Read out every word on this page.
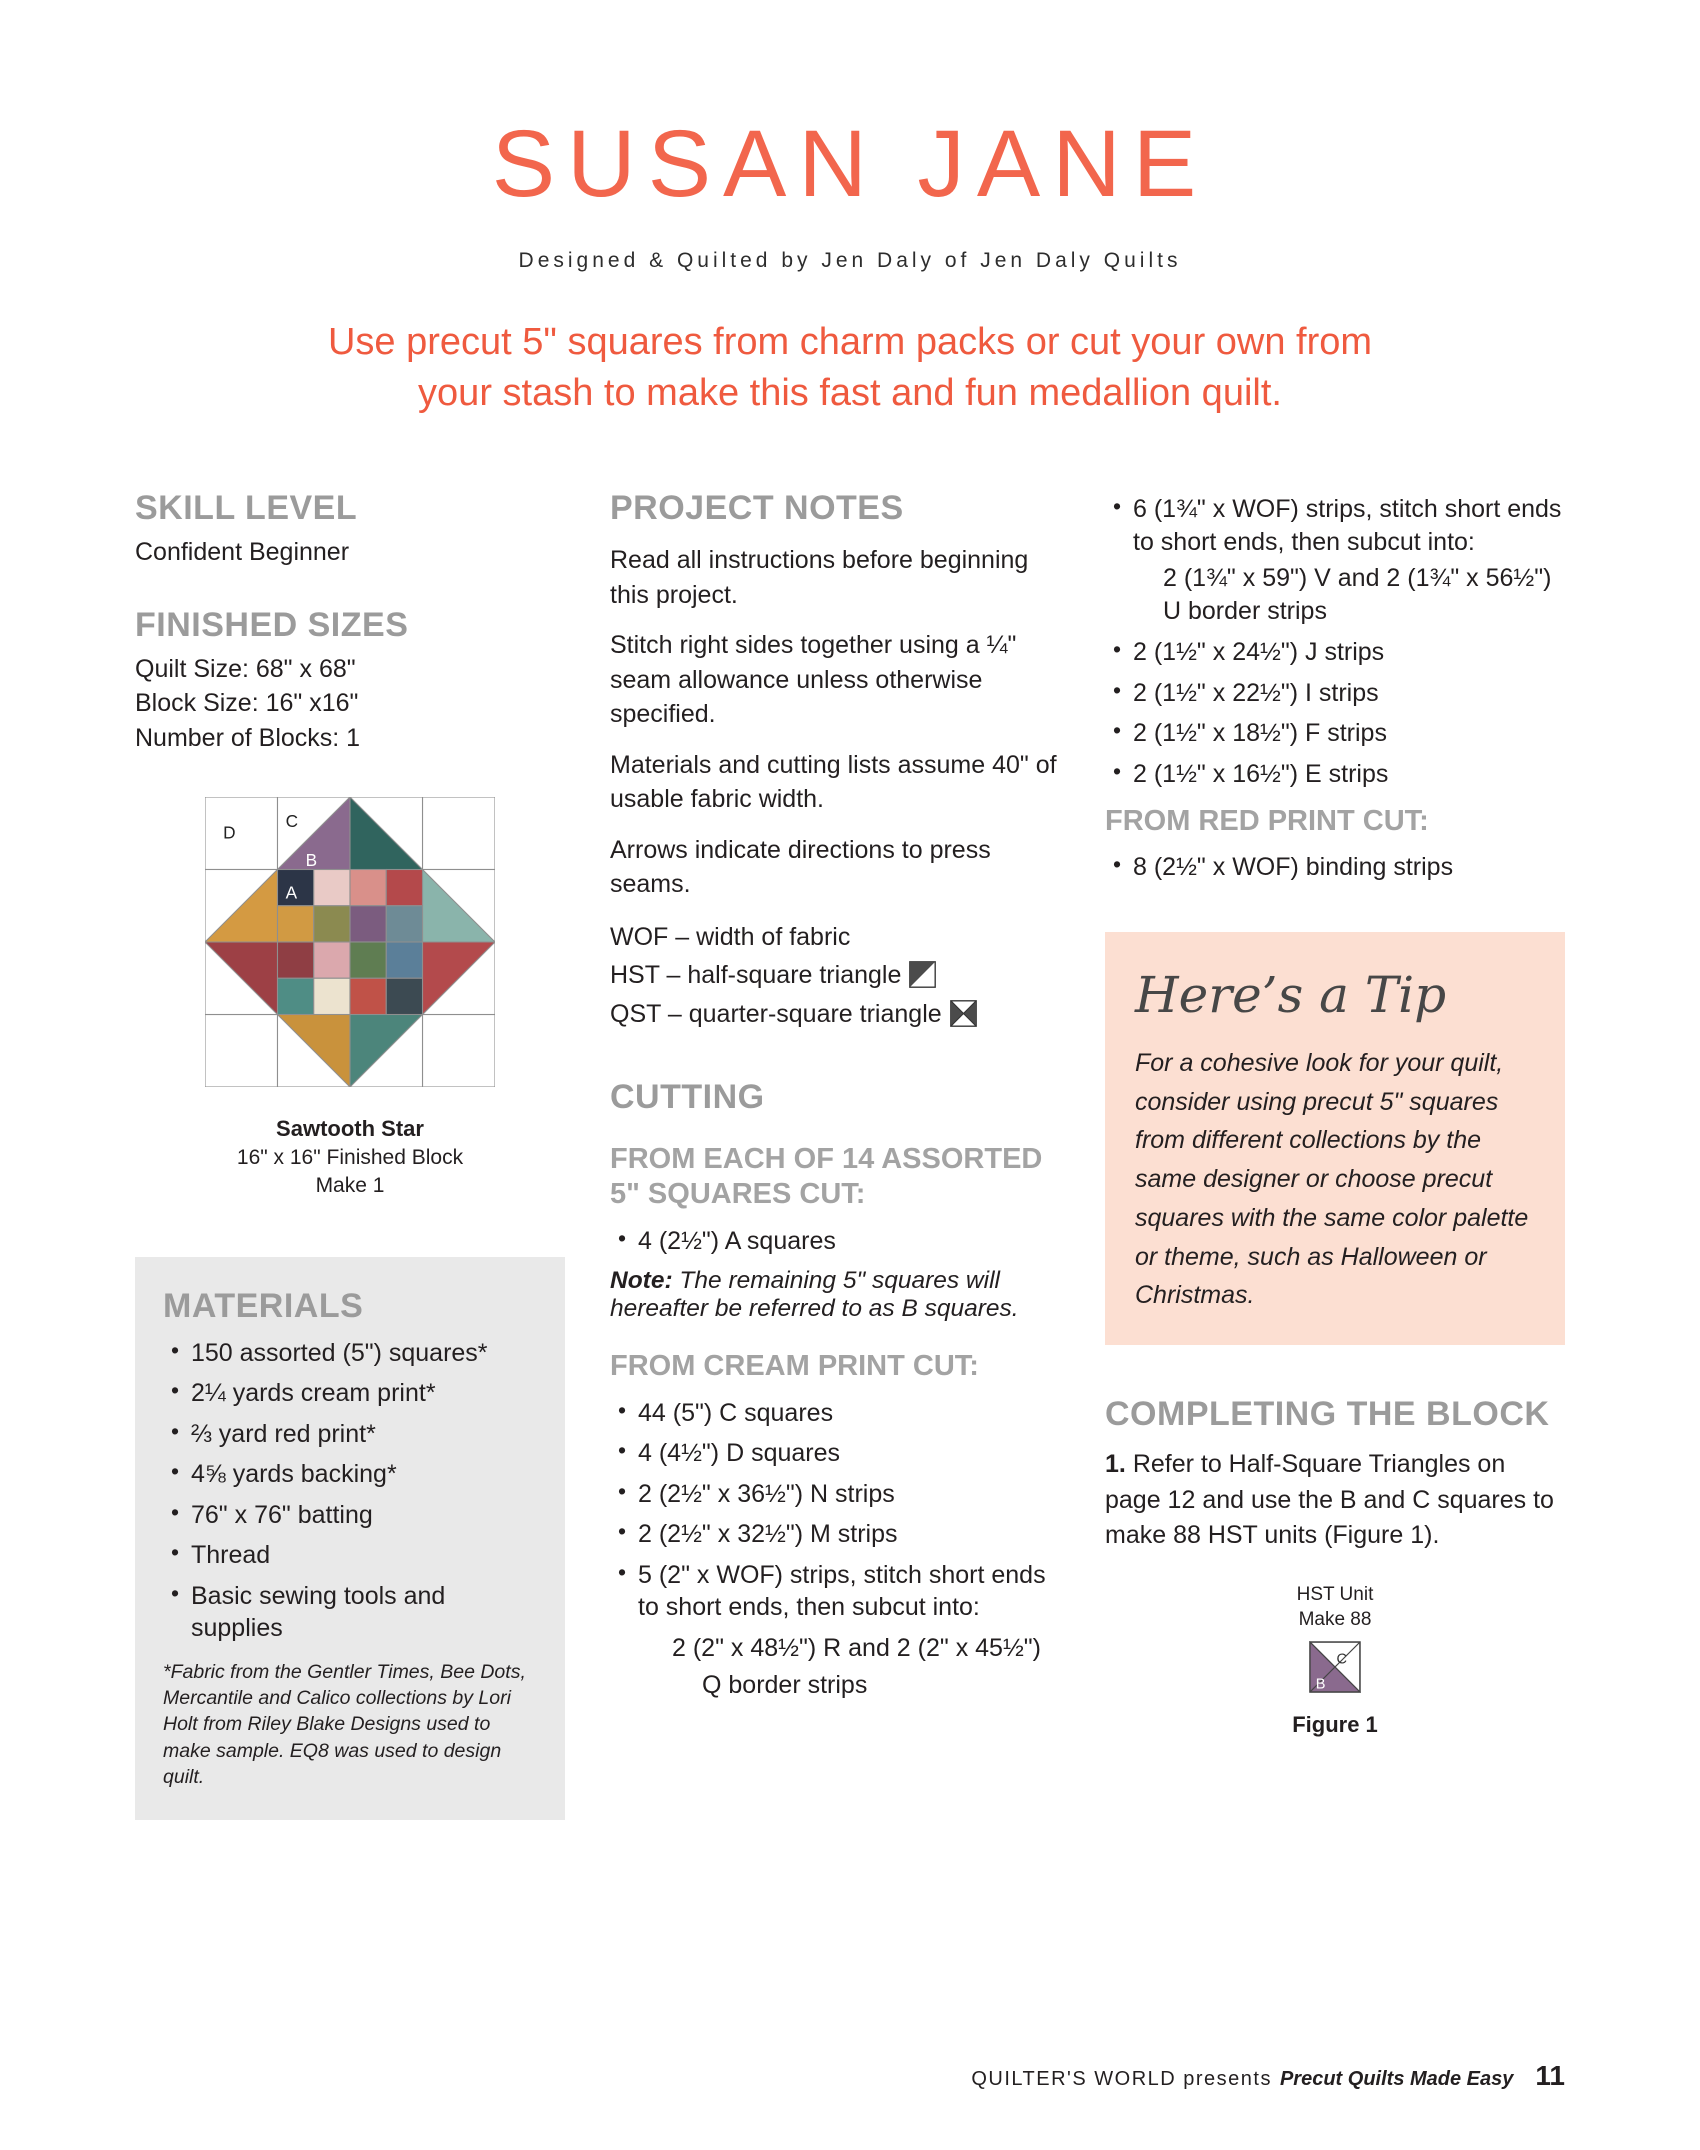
SUSAN JANE
Designed & Quilted by Jen Daly of Jen Daly Quilts
Use precut 5" squares from charm packs or cut your own from
your stash to make this fast and fun medallion quilt.
SKILL LEVEL

Confident Beginner

FINISHED SIZES
Quilt Size: 68" x 68"
Block Size: 16" x16"
Number of Blocks: 1
Sawtooth Star
16" x 16" Finished Block
Make 1
MATERIALS
• 150 assorted (5") squares*
• 2¼ yards cream print*
• ⅔ yard red print*
• 4⅝ yards backing*
• 76" x 76" batting
• Thread
• Basic sewing tools and supplies

*Fabric from the Gentler Times, Bee Dots, Mercantile and Calico collections by Lori Holt from Riley Blake Designs used to make sample. EQ8 was used to design quilt.

PROJECT NOTES

Read all instructions before beginning this project.

Stitch right sides together using a ¼" seam allowance unless otherwise specified.

Materials and cutting lists assume 40" of usable fabric width.

Arrows indicate directions to press seams.

WOF – width of fabric
HST – half-square triangle
QST – quarter-square triangle
CUTTING
FROM EACH OF 14 ASSORTED 5" SQUARES CUT:
• 4 (2½") A squares

Note: The remaining 5" squares will hereafter be referred to as B squares.

FROM CREAM PRINT CUT:
• 44 (5") C squares
• 4 (4½") D squares
• 2 (2½" x 36½") N strips
• 2 (2½" x 32½") M strips
• 5 (2" x WOF) strips, stitch short ends to short ends, then subcut into:
2 (2" x 48½") R and 2 (2" x 45½")
Q border strips
• 6 (1¾" x WOF) strips, stitch short ends to short ends, then subcut into:
2 (1¾" x 59") V and 2 (1¾" x 56½") U border strips
• 2 (1½" x 24½") J strips
• 2 (1½" x 22½") I strips
• 2 (1½" x 18½") F strips
• 2 (1½" x 16½") E strips
FROM RED PRINT CUT:
• 8 (2½" x WOF) binding strips
Here’s a Tip

For a cohesive look for your quilt, consider using precut 5" squares from different collections by the same designer or choose precut squares with the same color palette or theme, such as Halloween or Christmas.

COMPLETING THE BLOCK

1. Refer to Half-Square Triangles on page 12 and use the B and C squares to make 88 HST units (Figure 1).

HST Unit
Make 88
C
B
Figure 1
QUILTER'S WORLD presents Precut Quilts Made Easy 11
